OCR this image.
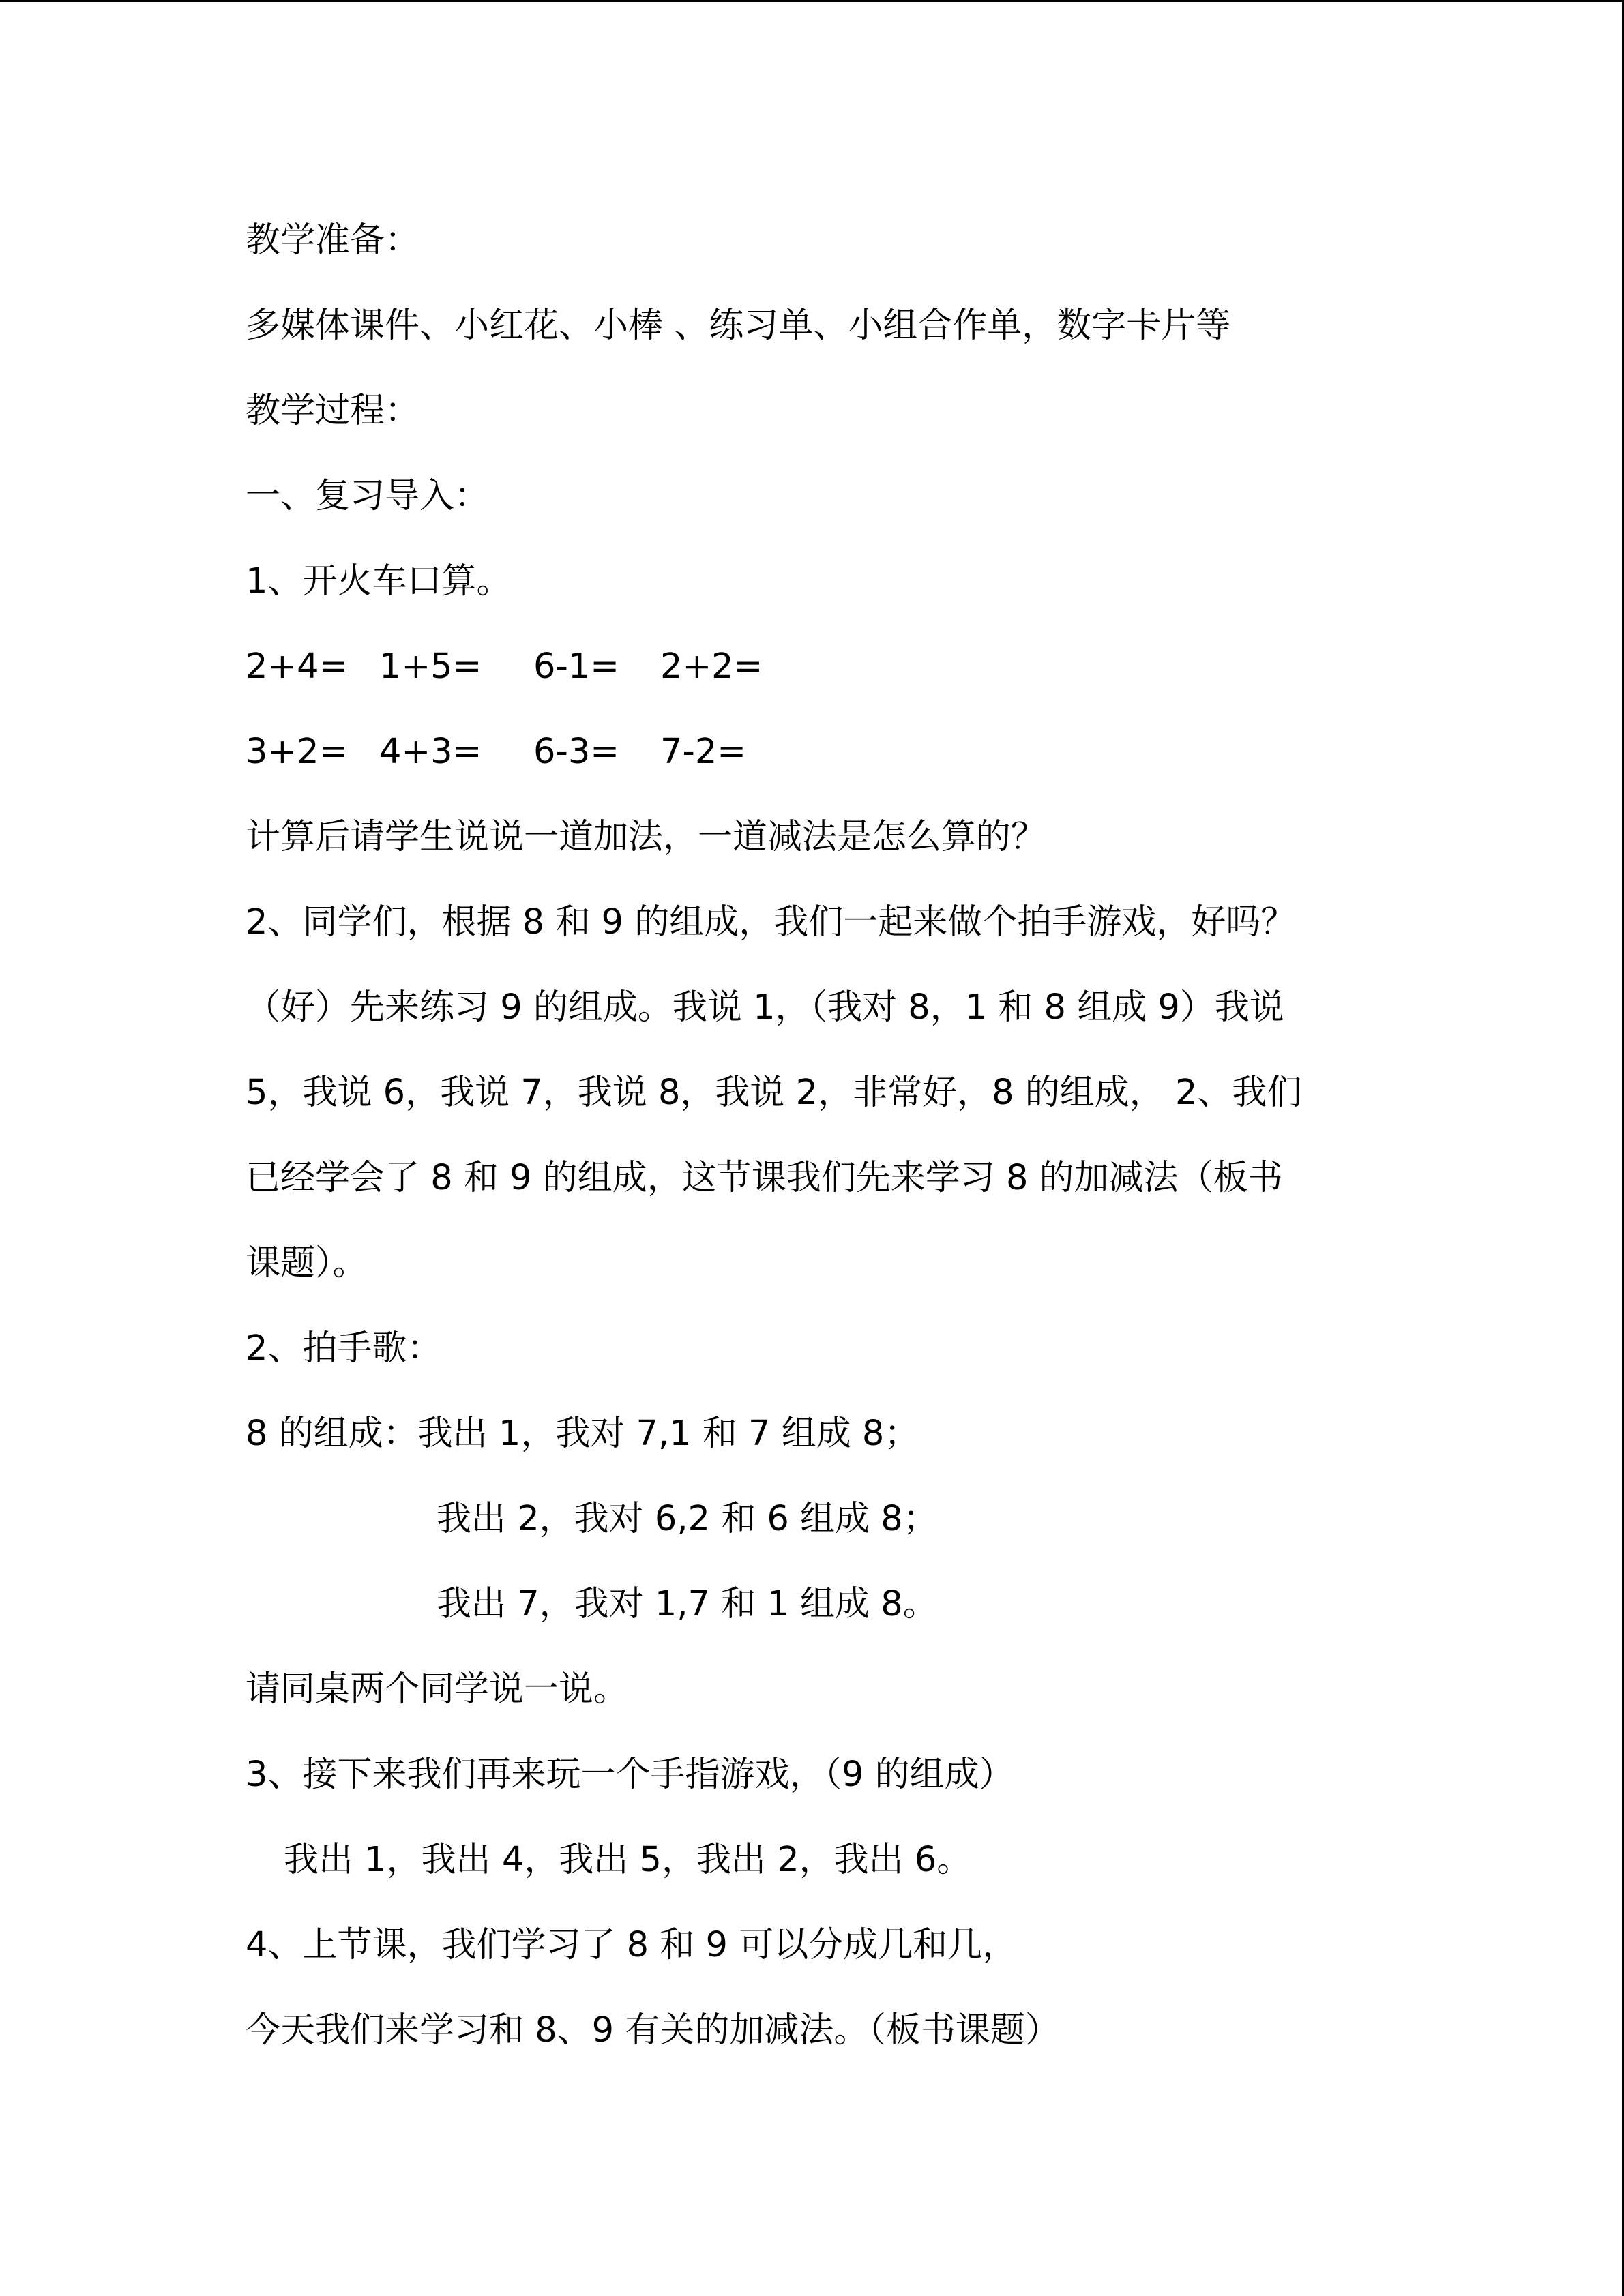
教学准备：
多媒体课件、小红花、小棒 、练习单、小组合作单，数字卡片等
教学过程：
一、复习导入：
1、开火车口算。
2+4= 1+5= 6-1= 2+2=
3+2= 4+3= 6-3= 7-2=
计算后请学生说说一道加法，一道减法是怎么算的？
2、同学们，根据 8 和 9 的组成，我们一起来做个拍手游戏，好吗？
（好）先来练习 9 的组成。我说 1，（我对 8，1 和 8 组成 9）我说
5，我说 6，我说 7，我说 8，我说 2，非常好，8 的组成， 2、我们
已经学会了 8 和 9 的组成，这节课我们先来学习 8 的加减法（板书
课题）。
2、拍手歌：
8 的组成：我出 1，我对 7,1 和 7 组成 8；
我出 2，我对 6,2 和 6 组成 8；
我出 7，我对 1,7 和 1 组成 8。
请同桌两个同学说一说。
3、接下来我们再来玩一个手指游戏，（9 的组成）
我出 1，我出 4，我出 5，我出 2，我出 6。
4、上节课，我们学习了 8 和 9 可以分成几和几，
今天我们来学习和 8、9 有关的加减法。（板书课题）
